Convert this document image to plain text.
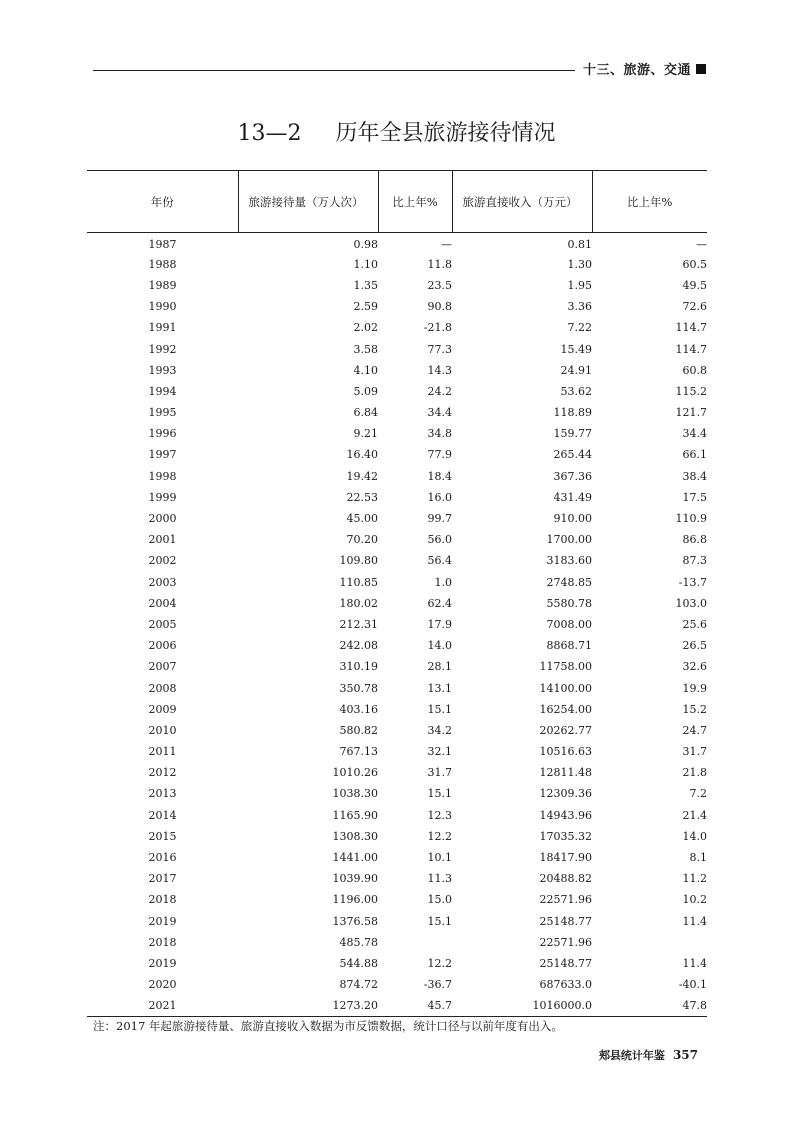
十三、旅游、交通
13—2 历年全县旅游接待情况
年份	旅游接待量（万人次）	比上年%	旅游直接收入（万元）	比上年%
1987	0.98	—	0.81	—
1988	1.10	11.8	1.30	60.5
1989	1.35	23.5	1.95	49.5
1990	2.59	90.8	3.36	72.6
1991	2.02	-21.8	7.22	114.7
1992	3.58	77.3	15.49	114.7
1993	4.10	14.3	24.91	60.8
1994	5.09	24.2	53.62	115.2
1995	6.84	34.4	118.89	121.7
1996	9.21	34.8	159.77	34.4
1997	16.40	77.9	265.44	66.1
1998	19.42	18.4	367.36	38.4
1999	22.53	16.0	431.49	17.5
2000	45.00	99.7	910.00	110.9
2001	70.20	56.0	1700.00	86.8
2002	109.80	56.4	3183.60	87.3
2003	110.85	1.0	2748.85	-13.7
2004	180.02	62.4	5580.78	103.0
2005	212.31	17.9	7008.00	25.6
2006	242.08	14.0	8868.71	26.5
2007	310.19	28.1	11758.00	32.6
2008	350.78	13.1	14100.00	19.9
2009	403.16	15.1	16254.00	15.2
2010	580.82	34.2	20262.77	24.7
2011	767.13	32.1	10516.63	31.7
2012	1010.26	31.7	12811.48	21.8
2013	1038.30	15.1	12309.36	7.2
2014	1165.90	12.3	14943.96	21.4
2015	1308.30	12.2	17035.32	14.0
2016	1441.00	10.1	18417.90	8.1
2017	1039.90	11.3	20488.82	11.2
2018	1196.00	15.0	22571.96	10.2
2019	1376.58	15.1	25148.77	11.4
2018	485.78		22571.96	
2019	544.88	12.2	25148.77	11.4
2020	874.72	-36.7	687633.0	-40.1
2021	1273.20	45.7	1016000.0	47.8
注：2017 年起旅游接待量、旅游直接收入数据为市反馈数据，统计口径与以前年度有出入。
郏县统计年鉴 357
